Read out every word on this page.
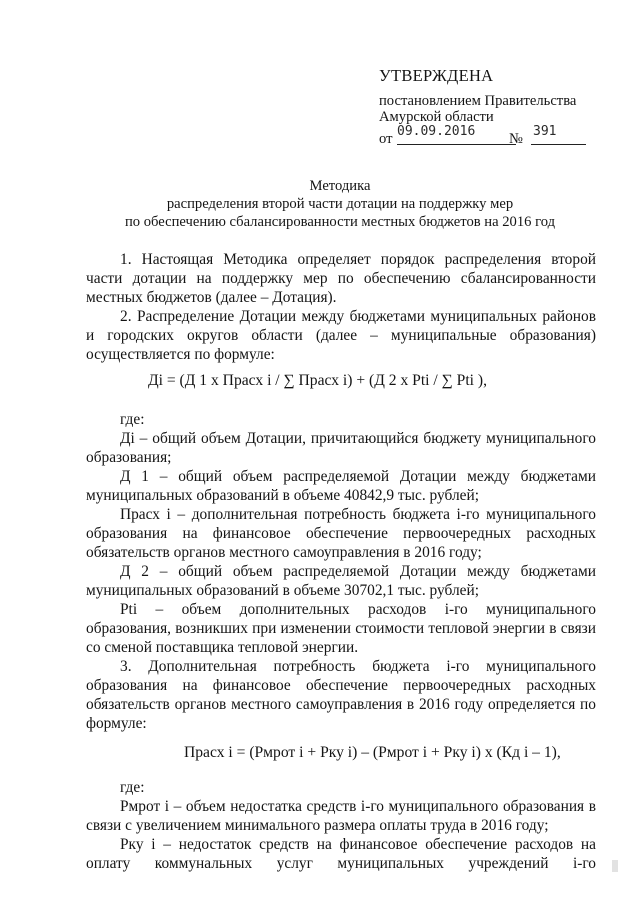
УТВЕРЖДЕНА
постановлением Правительства
Амурской области
от 09.09.2016 № 391
Методика
распределения второй части дотации на поддержку мер
по обеспечению сбалансированности местных бюджетов на 2016 год
1. Настоящая Методика определяет порядок распределения второй
части дотации на поддержку мер по обеспечению сбалансированности
местных бюджетов (далее – Дотация).
2. Распределение Дотации между бюджетами муниципальных районов
и городских округов области (далее – муниципальные образования)
осуществляется по формуле:
Дi = (Д 1 х Прасх i / ∑ Прасх i) + (Д 2 х Рti / ∑ Рti ),
где:
Дi – общий объем Дотации, причитающийся бюджету муниципального
образования;
Д 1 – общий объем распределяемой Дотации между бюджетами
муниципальных образований в объеме 40842,9 тыс. рублей;
Прасх i – дополнительная потребность бюджета i-го муниципального
образования на финансовое обеспечение первоочередных расходных
обязательств органов местного самоуправления в 2016 году;
Д 2 – общий объем распределяемой Дотации между бюджетами
муниципальных образований в объеме 30702,1 тыс. рублей;
Рti – объем дополнительных расходов i-го муниципального
образования, возникших при изменении стоимости тепловой энергии в связи
со сменой поставщика тепловой энергии.
3. Дополнительная потребность бюджета i-го муниципального
образования на финансовое обеспечение первоочередных расходных
обязательств органов местного самоуправления в 2016 году определяется по
формуле:
Прасх i = (Рмрот i + Рку i) – (Рмрот i + Рку i) х (Кд i – 1),
где:
Рмрот i – объем недостатка средств i-го муниципального образования в
связи с увеличением минимального размера оплаты труда в 2016 году;
Рку i – недостаток средств на финансовое обеспечение расходов на
оплату коммунальных услуг муниципальных учреждений i-го
